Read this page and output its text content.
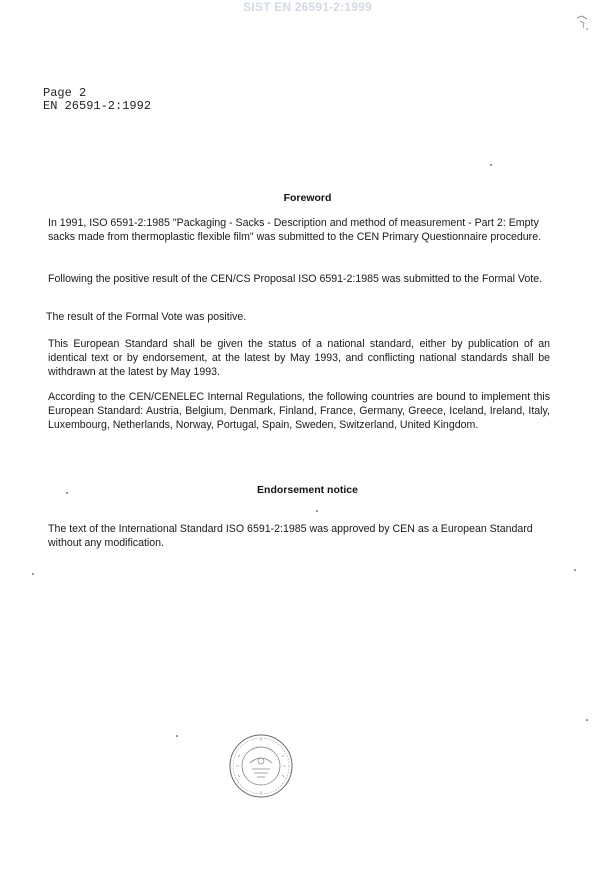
SIST EN 26591-2:1999
Page 2
EN 26591-2:1992
Foreword
In 1991, ISO 6591-2:1985 "Packaging - Sacks - Description and method of measurement - Part 2: Empty sacks made from thermoplastic flexible film" was submitted to the CEN Primary Questionnaire procedure.
Following the positive result of the CEN/CS Proposal ISO 6591-2:1985 was submitted to the Formal Vote.
The result of the Formal Vote was positive.
This European Standard shall be given the status of a national standard, either by publication of an identical text or by endorsement, at the latest by May 1993, and conflicting national standards shall be withdrawn at the latest by May 1993.
According to the CEN/CENELEC Internal Regulations, the following countries are bound to implement this European Standard: Austria, Belgium, Denmark, Finland, France, Germany, Greece, Iceland, Ireland, Italy, Luxembourg, Netherlands, Norway, Portugal, Spain, Sweden, Switzerland, United Kingdom.
Endorsement notice
The text of the International Standard ISO 6591-2:1985 was approved by CEN as a European Standard without any modification.
